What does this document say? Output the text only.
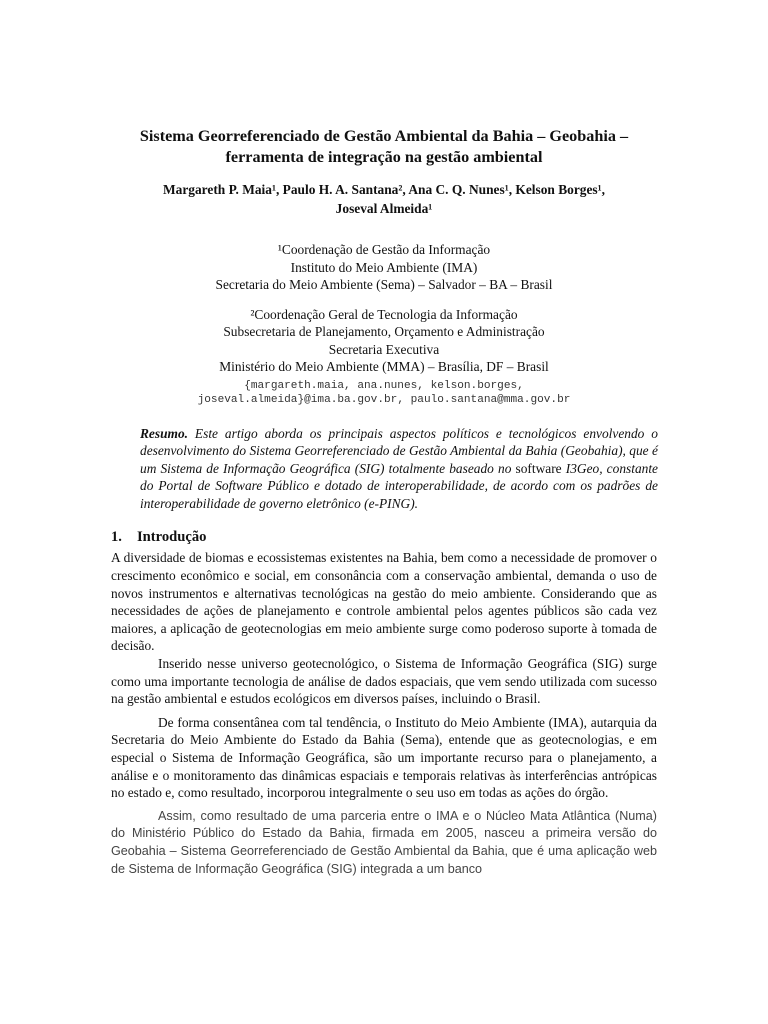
Sistema Georreferenciado de Gestão Ambiental da Bahia – Geobahia –
ferramenta de integração na gestão ambiental
Margareth P. Maia¹, Paulo H. A. Santana², Ana C. Q. Nunes¹, Kelson Borges¹,
Joseval Almeida¹
¹Coordenação de Gestão da Informação
Instituto do Meio Ambiente (IMA)
Secretaria do Meio Ambiente (Sema) – Salvador – BA – Brasil
²Coordenação Geral de Tecnologia da Informação
Subsecretaria de Planejamento, Orçamento e Administração
Secretaria Executiva
Ministério do Meio Ambiente (MMA) – Brasília, DF – Brasil
{margareth.maia, ana.nunes, kelson.borges,
joseval.almeida}@ima.ba.gov.br, paulo.santana@mma.gov.br

Resumo. Este artigo aborda os principais aspectos políticos e tecnológicos envolvendo o desenvolvimento do Sistema Georreferenciado de Gestão Ambiental da Bahia (Geobahia), que é um Sistema de Informação Geográfica (SIG) totalmente baseado no software I3Geo, constante do Portal de Software Público e dotado de interoperabilidade, de acordo com os padrões de interoperabilidade de governo eletrônico (e-PING).

1. Introdução

A diversidade de biomas e ecossistemas existentes na Bahia, bem como a necessidade de promover o crescimento econômico e social, em consonância com a conservação ambiental, demanda o uso de novos instrumentos e alternativas tecnológicas na gestão do meio ambiente. Considerando que as necessidades de ações de planejamento e controle ambiental pelos agentes públicos são cada vez maiores, a aplicação de geotecnologias em meio ambiente surge como poderoso suporte à tomada de decisão.

Inserido nesse universo geotecnológico, o Sistema de Informação Geográfica (SIG) surge como uma importante tecnologia de análise de dados espaciais, que vem sendo utilizada com sucesso na gestão ambiental e estudos ecológicos em diversos países, incluindo o Brasil.

De forma consentânea com tal tendência, o Instituto do Meio Ambiente (IMA), autarquia da Secretaria do Meio Ambiente do Estado da Bahia (Sema), entende que as geotecnologias, e em especial o Sistema de Informação Geográfica, são um importante recurso para o planejamento, a análise e o monitoramento das dinâmicas espaciais e temporais relativas às interferências antrópicas no estado e, como resultado, incorporou integralmente o seu uso em todas as ações do órgão.

Assim, como resultado de uma parceria entre o IMA e o Núcleo Mata Atlântica (Numa) do Ministério Público do Estado da Bahia, firmada em 2005, nasceu a primeira versão do Geobahia – Sistema Georreferenciado de Gestão Ambiental da Bahia, que é uma aplicação web de Sistema de Informação Geográfica (SIG) integrada a um banco
